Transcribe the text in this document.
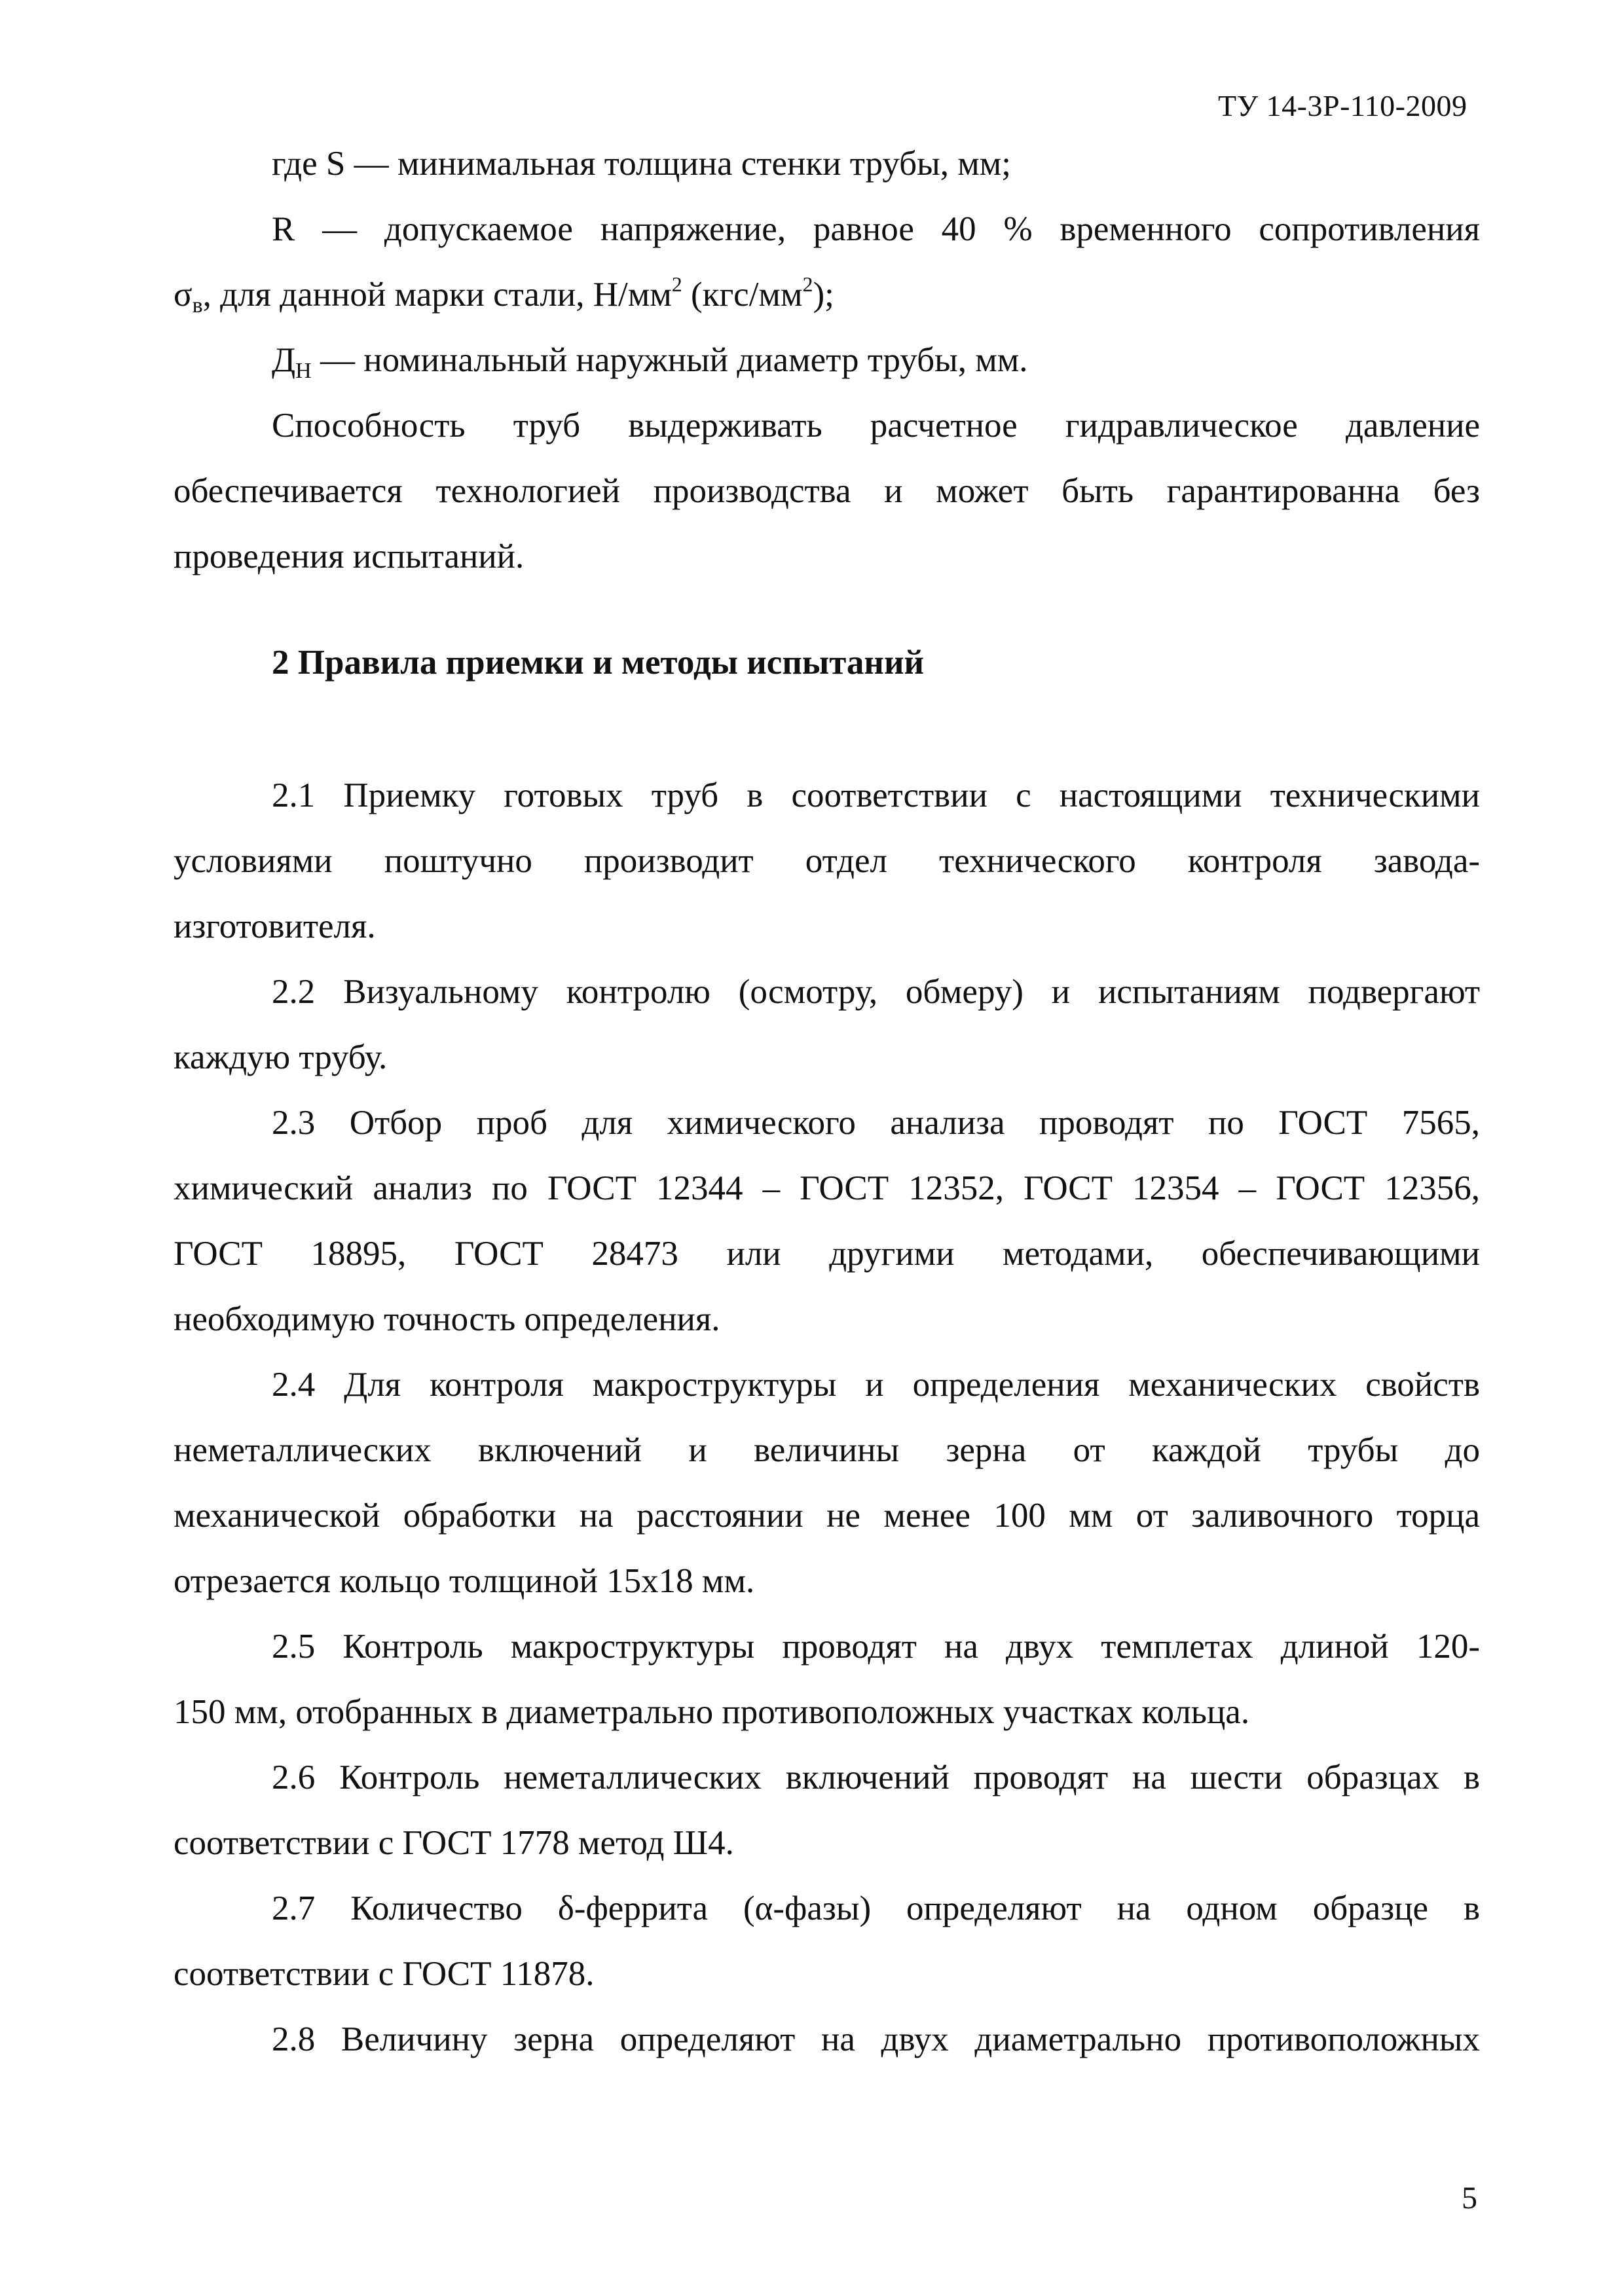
ТУ 14-3Р-110-2009
где S — минимальная толщина стенки трубы, мм;
R — допускаемое напряжение, равное 40 % временного сопротивления
$\sigma_в$, для данной марки стали, $Н/мм^2$ $(кгс/мм^2)$;
$Д_Н$ — номинальный наружный диаметр трубы, мм.
Способность труб выдерживать расчетное гидравлическое давление
обеспечивается технологией производства и может быть гарантированна без
проведения испытаний.
2 Правила приемки и методы испытаний
2.1 Приемку готовых труб в соответствии с настоящими техническими
условиями поштучно производит отдел технического контроля завода-
изготовителя.
2.2 Визуальному контролю (осмотру, обмеру) и испытаниям подвергают
каждую трубу.
2.3 Отбор проб для химического анализа проводят по ГОСТ 7565,
химический анализ по ГОСТ 12344 – ГОСТ 12352, ГОСТ 12354 – ГОСТ 12356,
ГОСТ 18895, ГОСТ 28473 или другими методами, обеспечивающими
необходимую точность определения.
2.4 Для контроля макроструктуры и определения механических свойств
неметаллических включений и величины зерна от каждой трубы до
механической обработки на расстоянии не менее 100 мм от заливочного торца
отрезается кольцо толщиной 15х18 мм.
2.5 Контроль макроструктуры проводят на двух темплетах длиной 120-
150 мм, отобранных в диаметрально противоположных участках кольца.
2.6 Контроль неметаллических включений проводят на шести образцах в
соответствии с ГОСТ 1778 метод Ш4.
2.7 Количество δ-феррита (α-фазы) определяют на одном образце в
соответствии с ГОСТ 11878.
2.8 Величину зерна определяют на двух диаметрально противоположных
5
